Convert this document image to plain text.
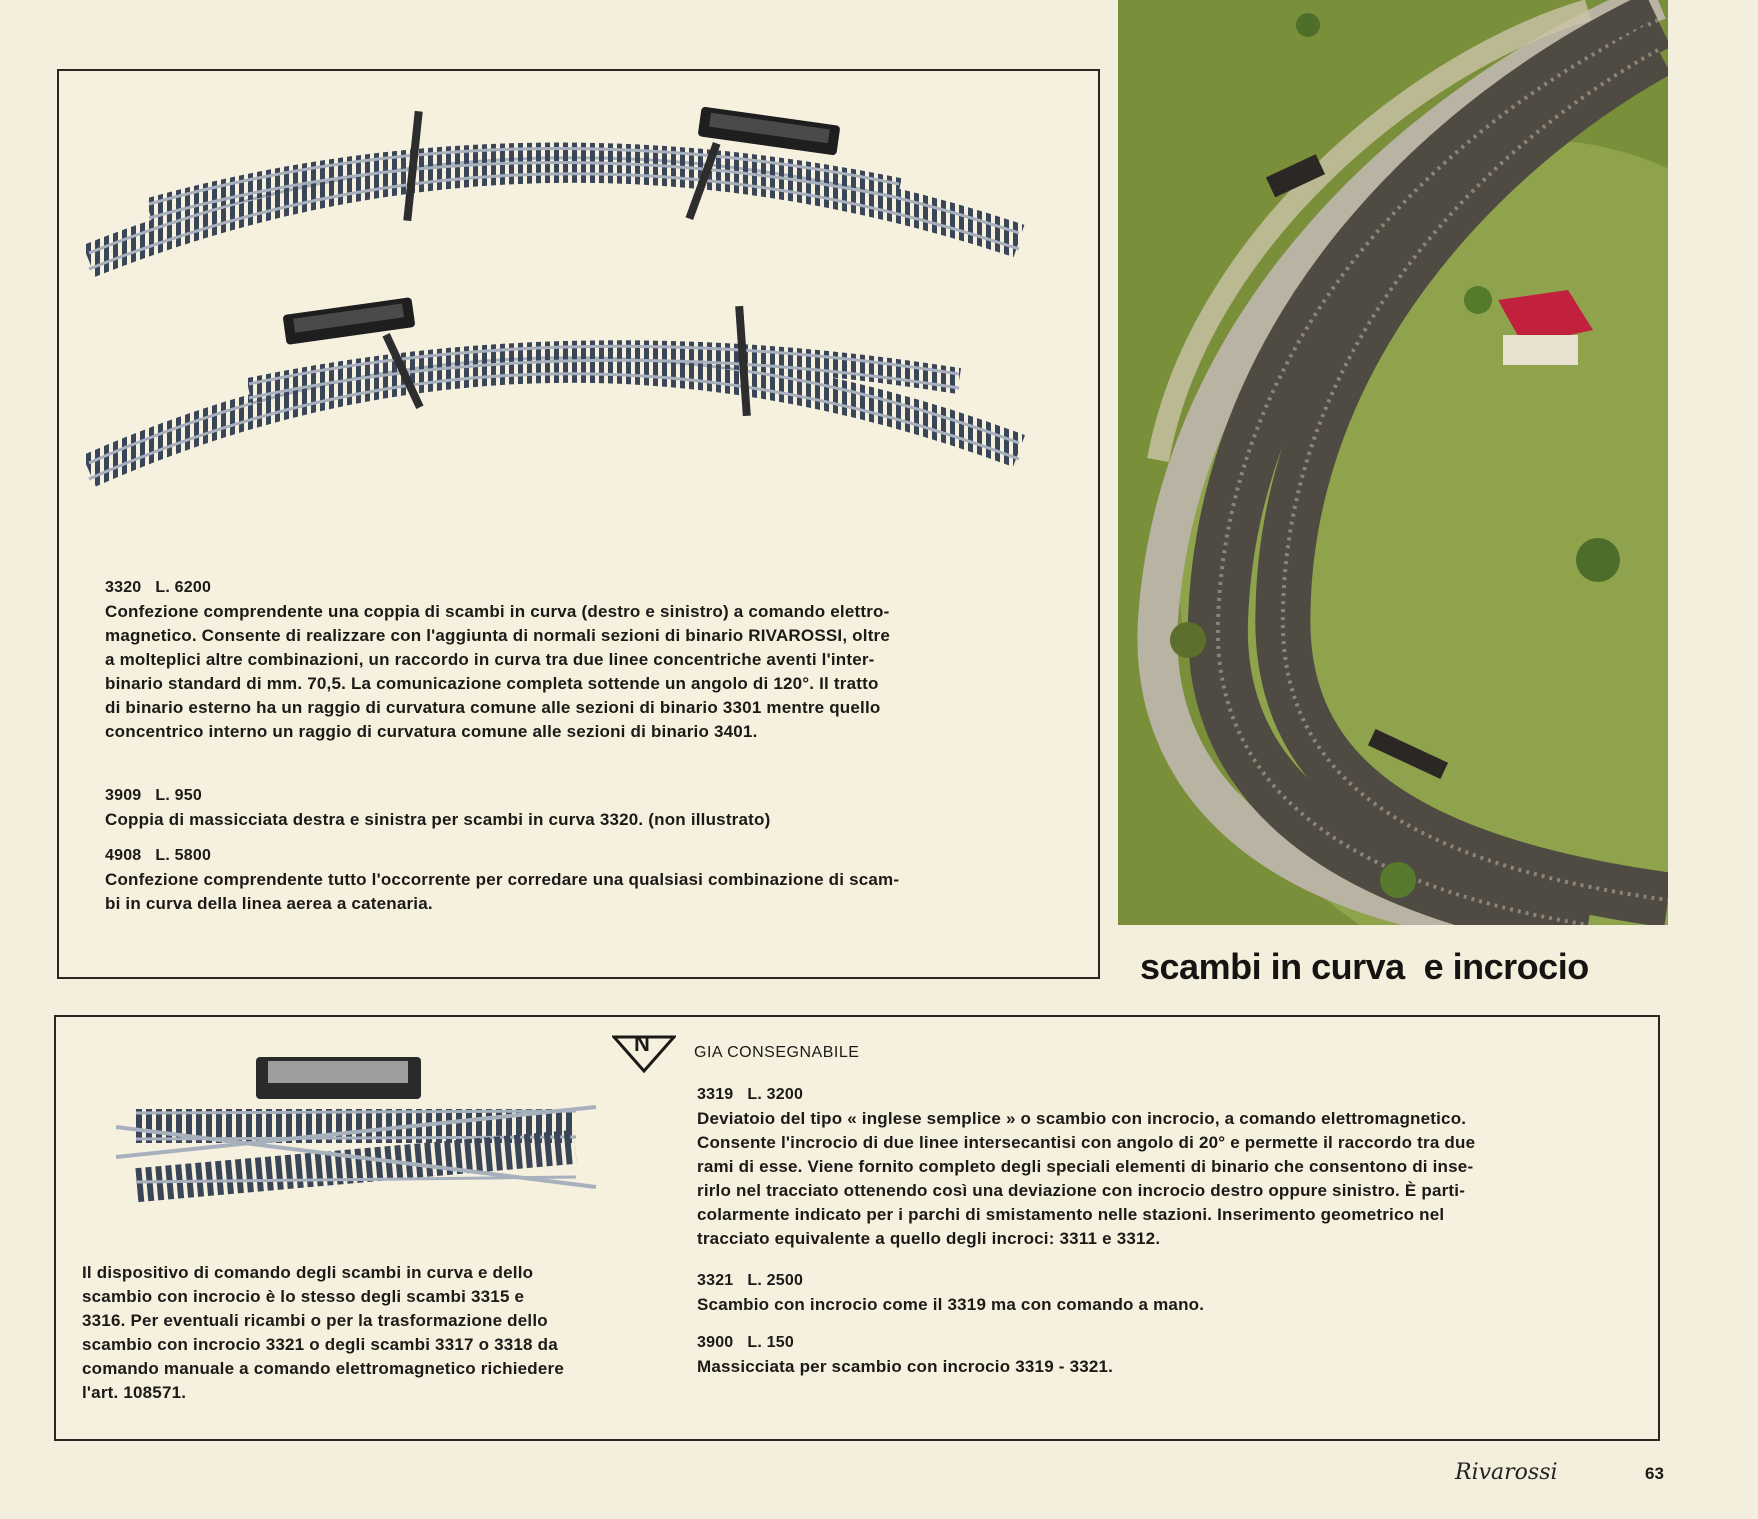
3320 L. 6200
Confezione comprendente una coppia di scambi in curva (destro e sinistro) a comando elettro-
magnetico. Consente di realizzare con l'aggiunta di normali sezioni di binario RIVAROSSI, oltre
a molteplici altre combinazioni, un raccordo in curva tra due linee concentriche aventi l'inter-
binario standard di mm. 70,5. La comunicazione completa sottende un angolo di 120°. Il tratto
di binario esterno ha un raggio di curvatura comune alle sezioni di binario 3301 mentre quello
concentrico interno un raggio di curvatura comune alle sezioni di binario 3401.
3909 L. 950
Coppia di massicciata destra e sinistra per scambi in curva 3320. (non illustrato)
4908 L. 5800
Confezione comprendente tutto l'occorrente per corredare una qualsiasi combinazione di scam-
bi in curva della linea aerea a catenaria.
scambi in curva  e incrocio
Il dispositivo di comando degli scambi in curva e dello
scambio con incrocio è lo stesso degli scambi 3315 e
3316. Per eventuali ricambi o per la trasformazione dello
scambio con incrocio 3321 o degli scambi 3317 o 3318 da
comando manuale a comando elettromagnetico richiedere
l'art. 108571.
N	GIA CONSEGNABILE
3319 L. 3200
Deviatoio del tipo « inglese semplice » o scambio con incrocio, a comando elettromagnetico.
Consente l'incrocio di due linee intersecantisi con angolo di 20° e permette il raccordo tra due
rami di esse. Viene fornito completo degli speciali elementi di binario che consentono di inse-
rirlo nel tracciato ottenendo così una deviazione con incrocio destro oppure sinistro. È parti-
colarmente indicato per i parchi di smistamento nelle stazioni. Inserimento geometrico nel
tracciato equivalente a quello degli incroci: 3311 e 3312.
3321 L. 2500
Scambio con incrocio come il 3319 ma con comando a mano.
3900 L. 150
Massicciata per scambio con incrocio 3319 - 3321.
Rivarossi	63
